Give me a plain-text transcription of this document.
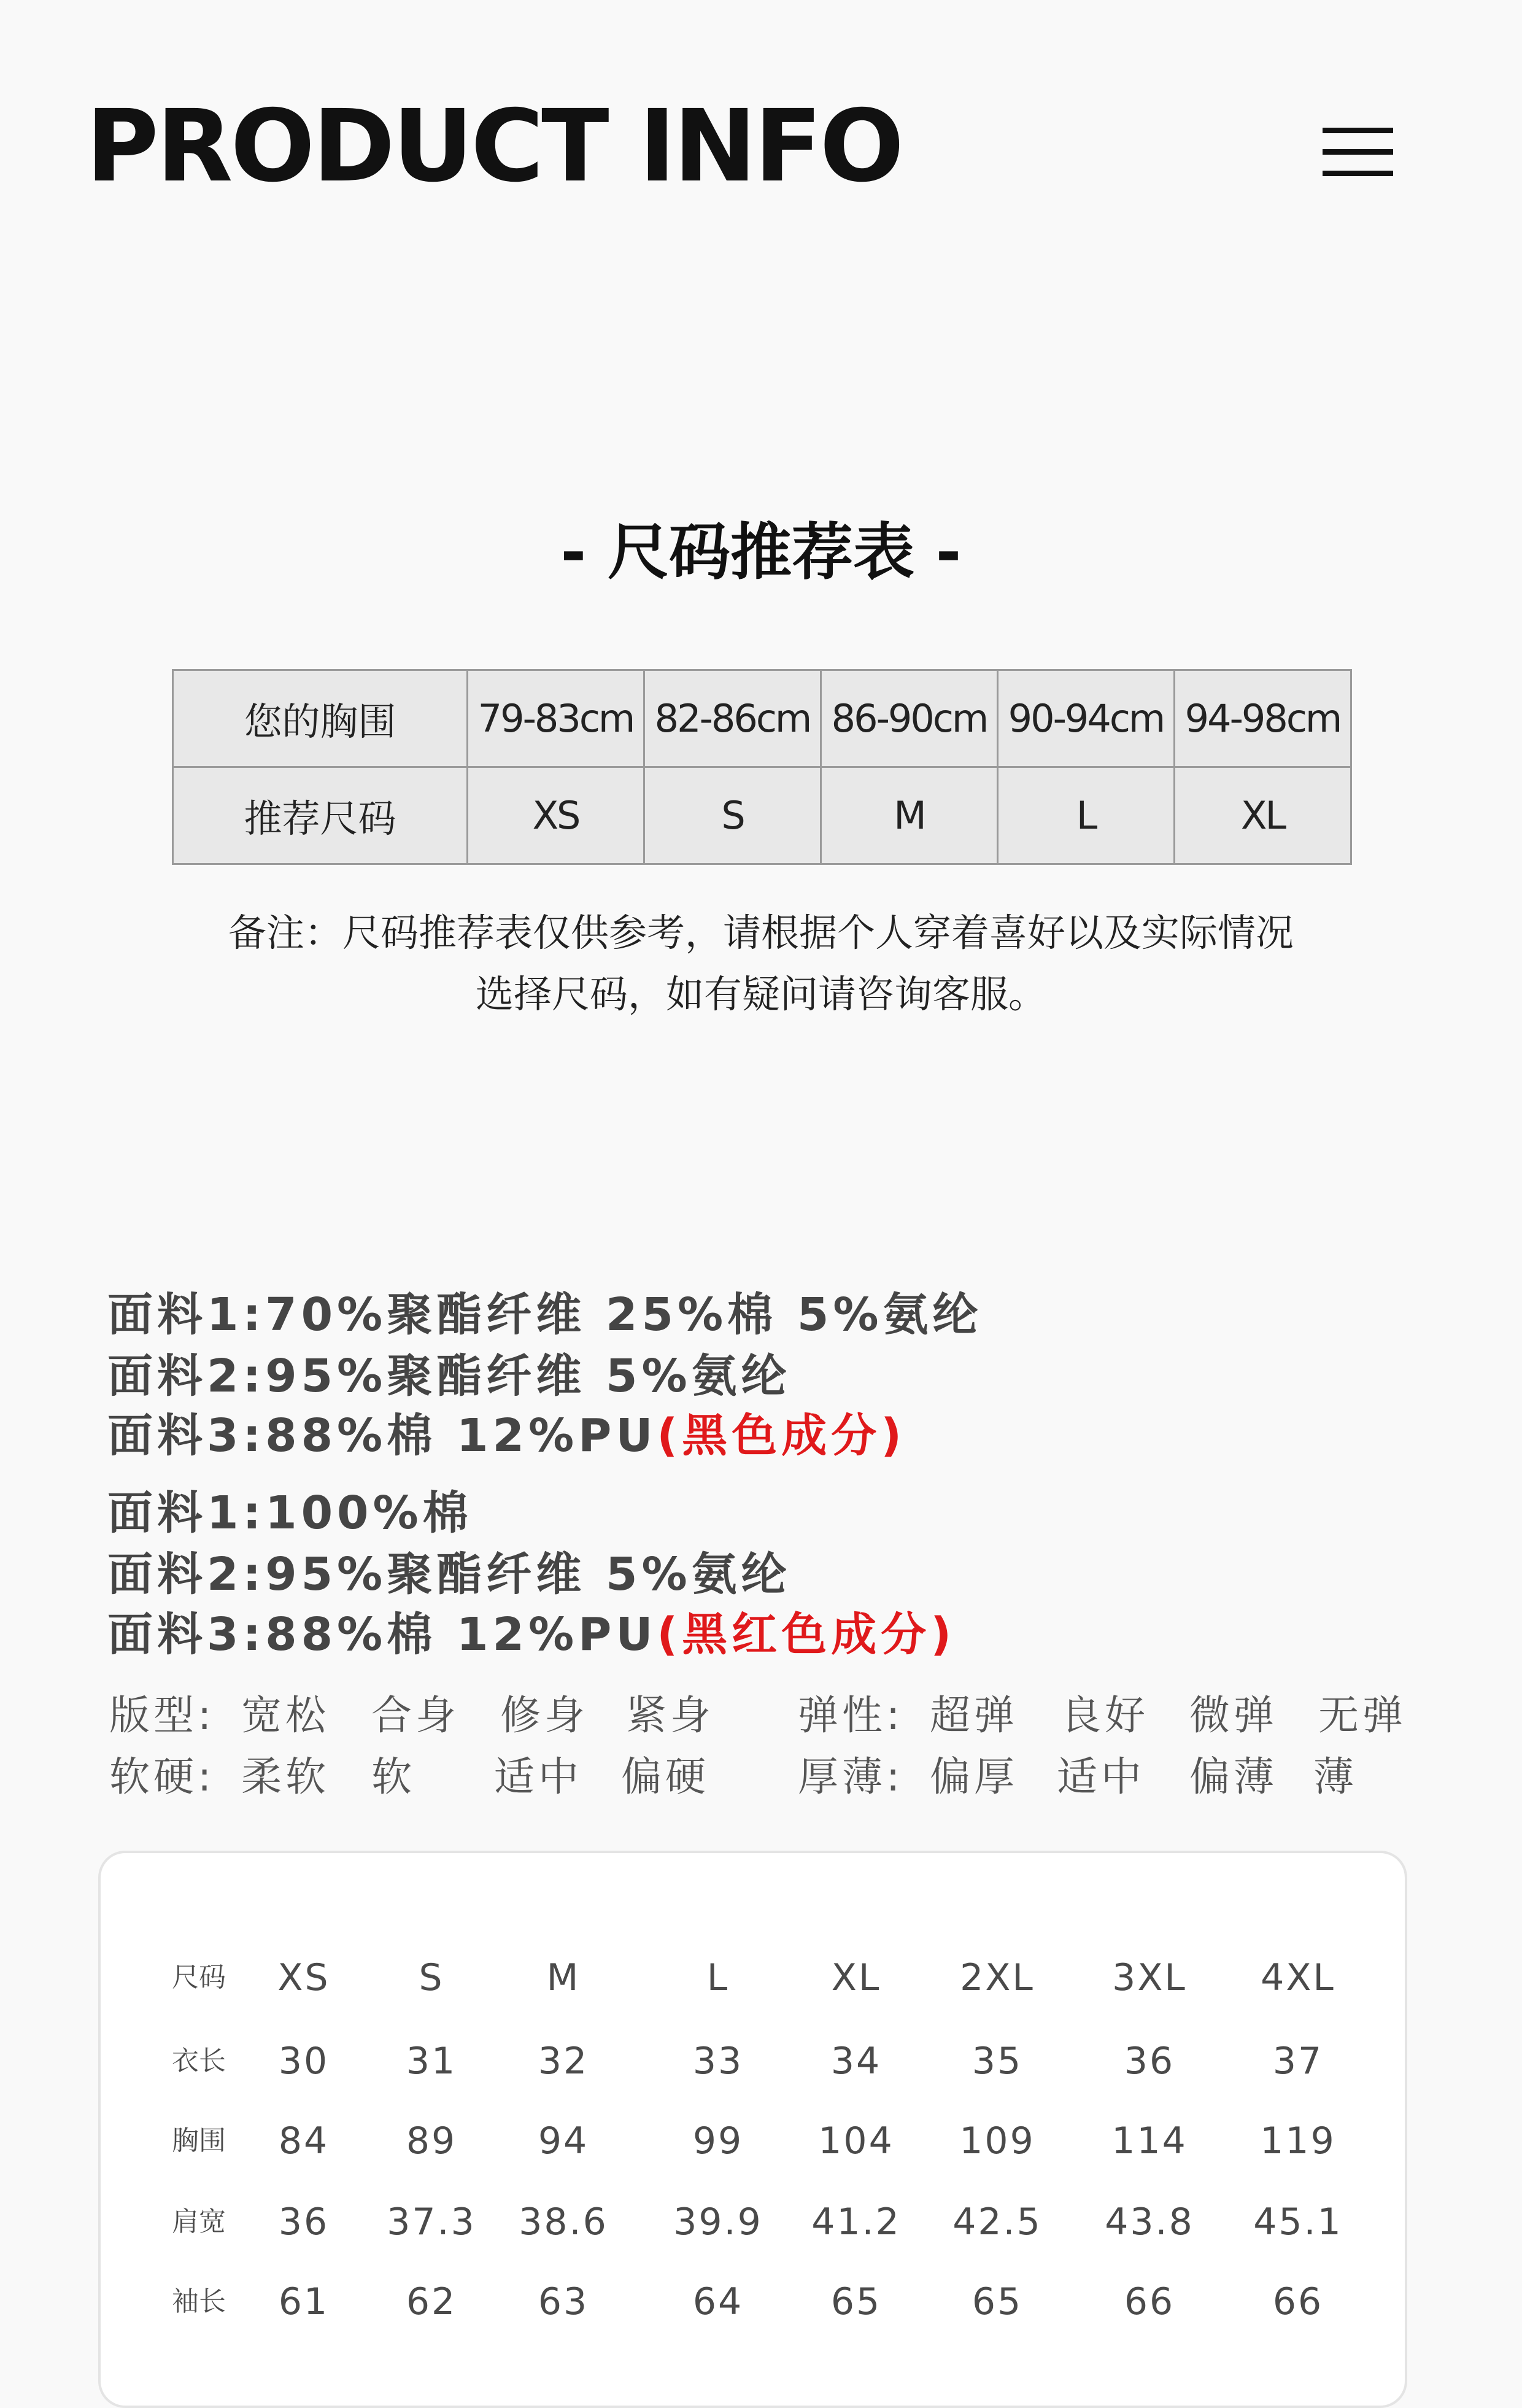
PRODUCT INFO
- 尺码推荐表 -
您的胸围	79-83cm	82-86cm	86-90cm	90-94cm	94-98cm
推荐尺码	XS	S	M	L	XL
备注：尺码推荐表仅供参考，请根据个人穿着喜好以及实际情况
选择尺码，如有疑问请咨询客服。
面料1:70%聚酯纤维 25%棉 5%氨纶
面料2:95%聚酯纤维 5%氨纶
面料3:88%棉 12%PU(黑色成分)
面料1:100%棉
面料2:95%聚酯纤维 5%氨纶
面料3:88%棉 12%PU(黑红色成分)
版型: 宽松 合身 修身 紧身 弹性: 超弹 良好 微弹 无弹
软硬: 柔软 软 适中 偏硬 厚薄: 偏厚 适中 偏薄 薄
尺码	XS	S	M	L	XL	2XL	3XL	4XL
衣长	30	31	32	33	34	35	36	37
胸围	84	89	94	99	104	109	114	119
肩宽	36	37.3	38.6	39.9	41.2	42.5	43.8	45.1
袖长	61	62	63	64	65	65	66	66
